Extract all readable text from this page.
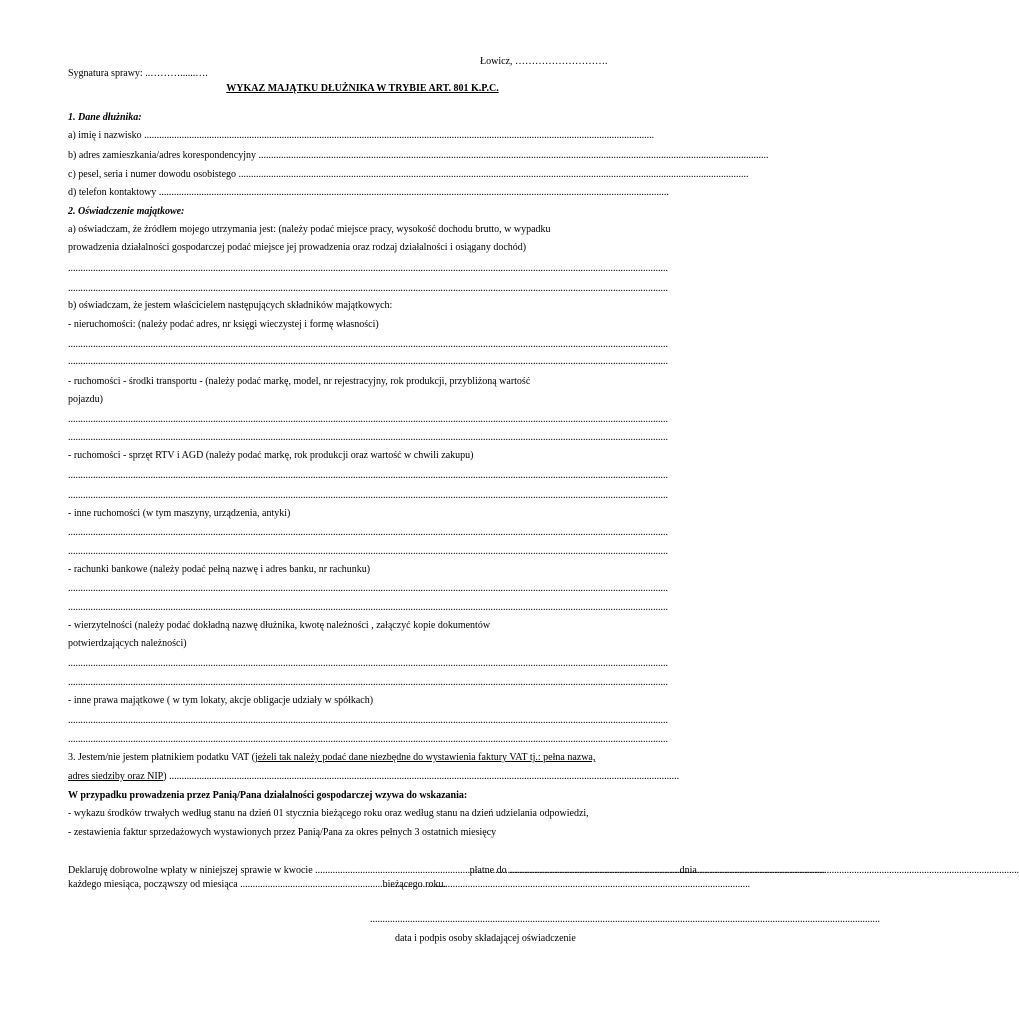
Łowicz, ……………………….
Sygnatura sprawy: ..………......….
WYKAZ MAJĄTKU DŁUŻNIKA W TRYBIE ART. 801 K.P.C.
1. Dane dłużnika:
a) imię i nazwisko .....
b) adres zamieszkania/adres korespondencyjny .....
c) pesel, seria i numer dowodu osobistego .....
d) telefon kontaktowy .....
2. Oświadczenie majątkowe:
a) oświadczam, że źródłem mojego utrzymania jest: (należy podać miejsce pracy, wysokość dochodu brutto, w wypadku
prowadzenia działalności gospodarczej podać miejsce jej prowadzenia oraz rodzaj działalności i osiągany dochód)
.....
.....
b) oświadczam, że jestem właścicielem następujących składników majątkowych:
- nieruchomości: (należy podać adres, nr księgi wieczystej i formę własności)
.....
.....
- ruchomości - środki transportu - (należy podać markę, model, nr rejestracyjny, rok produkcji, przybliżoną wartość
pojazdu)
.....
.....
- ruchomości - sprzęt RTV i AGD (należy podać markę, rok produkcji oraz wartość w chwili zakupu)
.....
.....
- inne ruchomości (w tym maszyny, urządzenia, antyki)
.....
.....
- rachunki bankowe (należy podać pełną nazwę i adres banku, nr rachunku)
.....
.....
- wierzytelności (należy podać dokładną nazwę dłużnika, kwotę należności , załączyć kopie dokumentów
potwierdzających należności)
.....
.....
- inne prawa majątkowe ( w tym lokaty, akcje obligacje udziały w spółkach)
.....
.....
3. Jestem/nie jestem płatnikiem podatku VAT (jeżeli tak należy podać dane niezbędne do wystawienia faktury VAT tj.: pełna nazwa,
adres siedziby oraz NIP) .....
W przypadku prowadzenia przez Panią/Pana działalności gospodarczej wzywa do wskazania:
- wykazu środków trwałych według stanu na dzień 01 stycznia bieżącego roku oraz według stanu na dzień udzielania odpowiedzi,
- zestawienia faktur sprzedażowych wystawionych przez Panią/Pana za okres pełnych 3 ostatnich miesięcy
Deklaruję dobrowolne wpłaty w niniejszej sprawie w kwocie .....	płatne do .....	dnia
każdego miesiąca, począwszy od miesiąca .....	bieżącego roku.
.....
data i podpis osoby składającej oświadczenie
